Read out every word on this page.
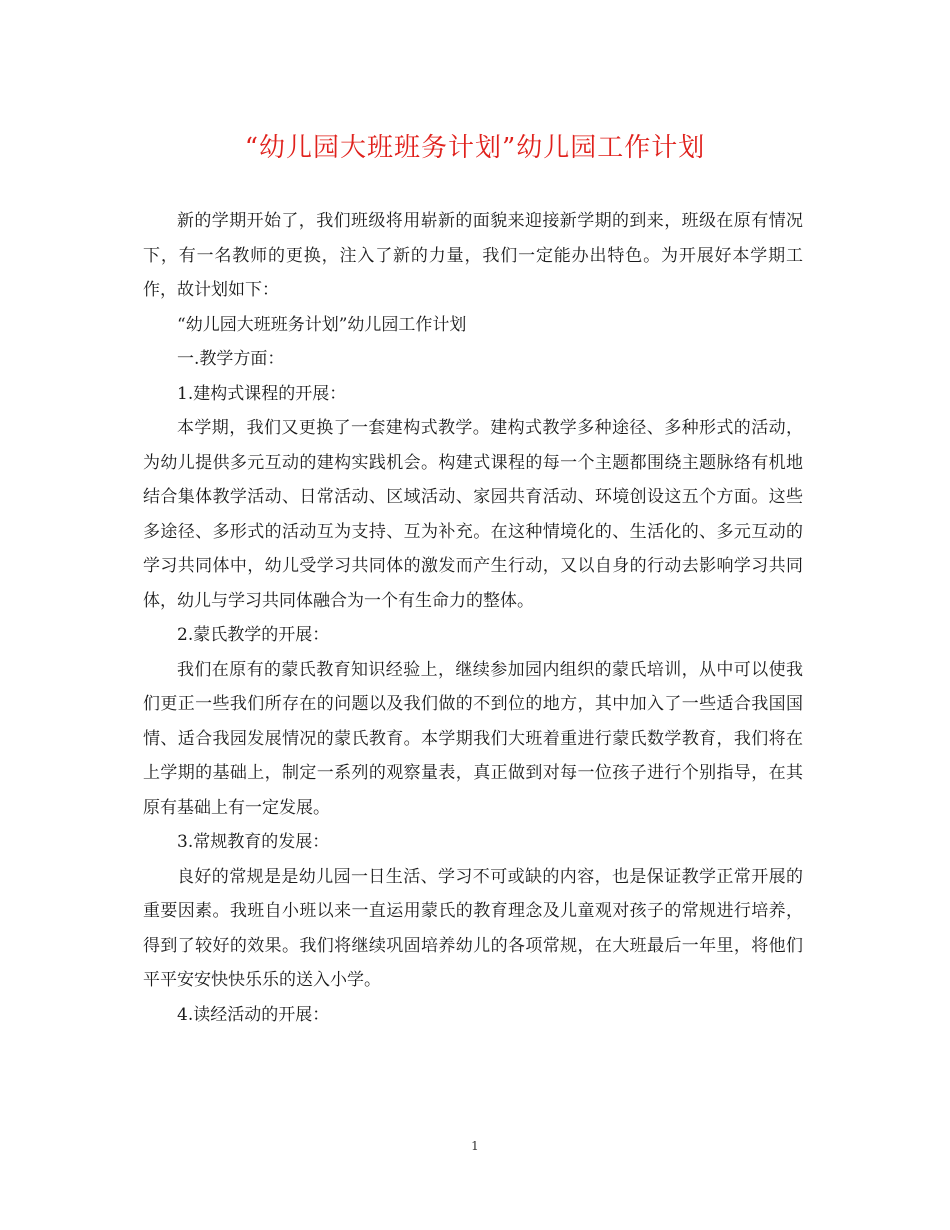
“幼儿园大班班务计划”幼儿园工作计划

新的学期开始了，我们班级将用崭新的面貌来迎接新学期的到来，班级在原有情况下，有一名教师的更换，注入了新的力量，我们一定能办出特色。为开展好本学期工作，故计划如下：

“幼儿园大班班务计划”幼儿园工作计划

一.教学方面：

1.建构式课程的开展：

本学期，我们又更换了一套建构式教学。建构式教学多种途径、多种形式的活动，为幼儿提供多元互动的建构实践机会。构建式课程的每一个主题都围绕主题脉络有机地结合集体教学活动、日常活动、区域活动、家园共育活动、环境创设这五个方面。这些多途径、多形式的活动互为支持、互为补充。在这种情境化的、生活化的、多元互动的学习共同体中，幼儿受学习共同体的激发而产生行动，又以自身的行动去影响学习共同体，幼儿与学习共同体融合为一个有生命力的整体。

2.蒙氏教学的开展：

我们在原有的蒙氏教育知识经验上，继续参加园内组织的蒙氏培训，从中可以使我们更正一些我们所存在的问题以及我们做的不到位的地方，其中加入了一些适合我国国情、适合我园发展情况的蒙氏教育。本学期我们大班着重进行蒙氏数学教育，我们将在上学期的基础上，制定一系列的观察量表，真正做到对每一位孩子进行个别指导，在其原有基础上有一定发展。

3.常规教育的发展：

良好的常规是是幼儿园一日生活、学习不可或缺的内容，也是保证教学正常开展的重要因素。我班自小班以来一直运用蒙氏的教育理念及儿童观对孩子的常规进行培养，得到了较好的效果。我们将继续巩固培养幼儿的各项常规，在大班最后一年里，将他们平平安安快快乐乐的送入小学。

4.读经活动的开展：

1
